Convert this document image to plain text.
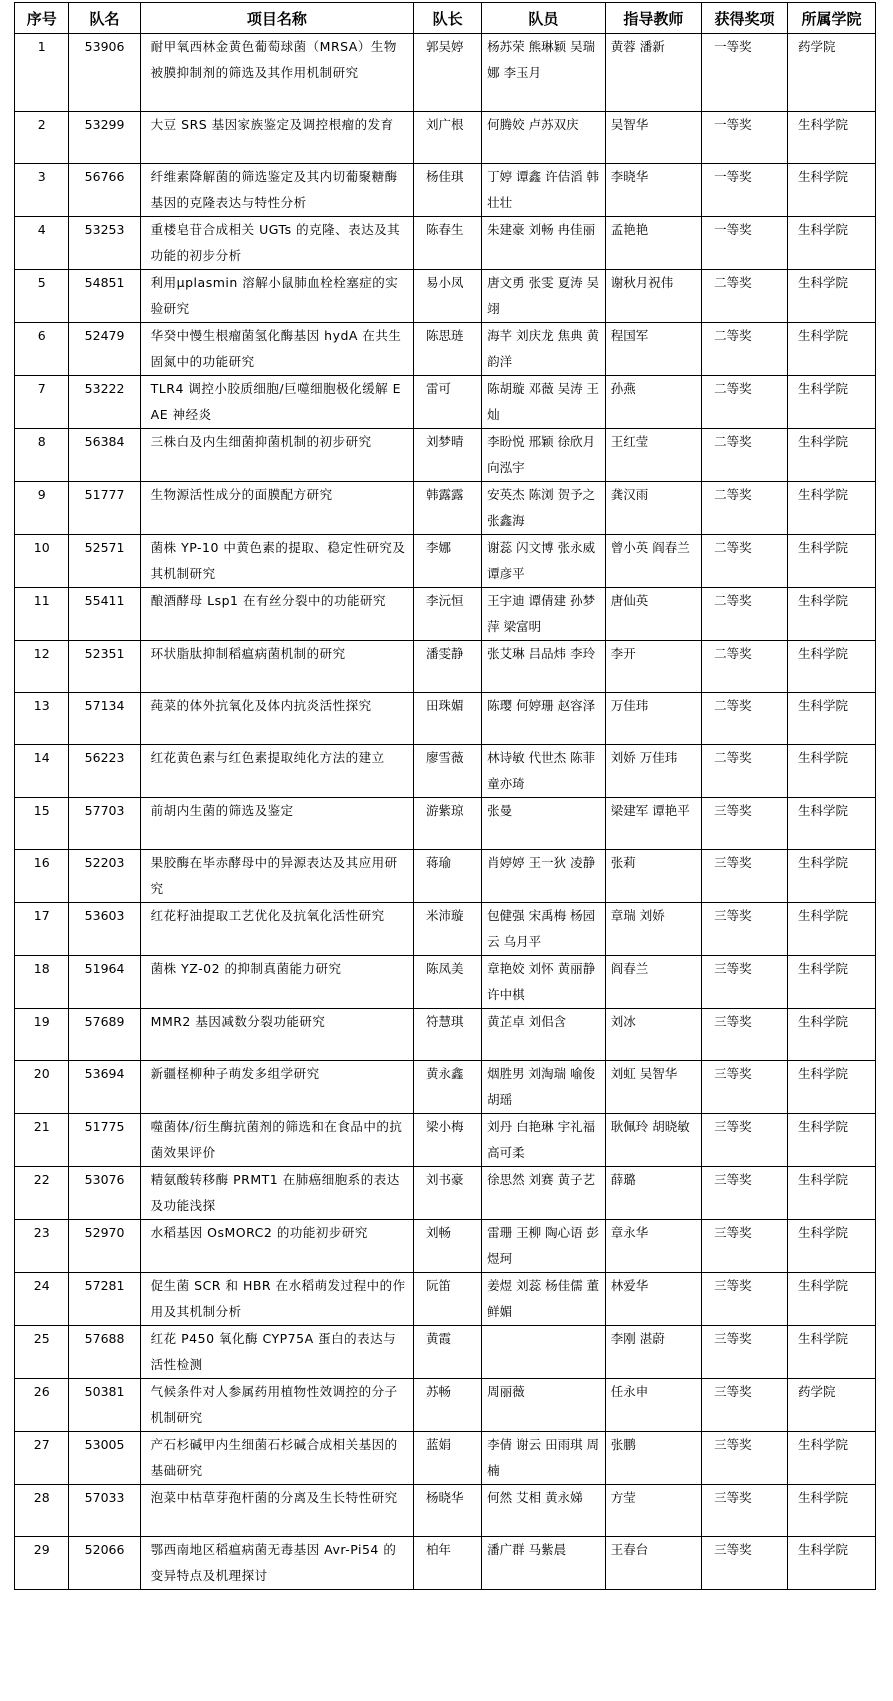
序号	队名	项目名称	队长	队员	指导教师	获得奖项	所属学院
1	53906	耐甲氧西林金黄色葡萄球菌（MRSA）生物被膜抑制剂的筛选及其作用机制研究	郭吴婷	杨苏荣 熊琳颖 吴瑞娜 李玉月	黄蓉 潘新	一等奖	药学院
2	53299	大豆 SRS 基因家族鉴定及调控根瘤的发育	刘广根	何腾姣 卢苏双庆	吴智华	一等奖	生科学院
3	56766	纤维素降解菌的筛选鉴定及其内切葡聚糖酶基因的克隆表达与特性分析	杨佳琪	丁婷 谭鑫 许佶滔 韩壮壮	李晓华	一等奖	生科学院
4	53253	重楼皂苷合成相关 UGTs 的克隆、表达及其功能的初步分析	陈春生	朱建豪 刘畅 冉佳丽	孟艳艳	一等奖	生科学院
5	54851	利用µplasmin 溶解小鼠肺血栓栓塞症的实验研究	易小凤	唐文勇 张雯 夏涛 吴翊	谢秋月祝伟	二等奖	生科学院
6	52479	华癸中慢生根瘤菌氢化酶基因 hydA 在共生固氮中的功能研究	陈思琏	海芊 刘庆龙 焦典 黄韵洋	程国军	二等奖	生科学院
7	53222	TLR4 调控小胶质细胞/巨噬细胞极化缓解 EAE 神经炎	雷可	陈胡璇 邓薇 吴涛 王灿	孙燕	二等奖	生科学院
8	56384	三株白及内生细菌抑菌机制的初步研究	刘梦晴	李盼悦 邢颖 徐欣月 向泓宇	王红莹	二等奖	生科学院
9	51777	生物源活性成分的面膜配方研究	韩露露	安英杰 陈浏 贺予之 张鑫海	龚汉雨	二等奖	生科学院
10	52571	菌株 YP-10 中黄色素的提取、稳定性研究及其机制研究	李娜	谢蕊 闪文博 张永威 谭彦平	曾小英 阎春兰	二等奖	生科学院
11	55411	酿酒酵母 Lsp1 在有丝分裂中的功能研究	李沅恒	王宇迪 谭倩建 孙梦萍 梁富明	唐仙英	二等奖	生科学院
12	52351	环状脂肽抑制稻瘟病菌机制的研究	潘雯静	张艾琳 吕品炜 李玲	李开	二等奖	生科学院
13	57134	莼菜的体外抗氧化及体内抗炎活性探究	田珠媚	陈璎 何婷珊 赵容泽	万佳玮	二等奖	生科学院
14	56223	红花黄色素与红色素提取纯化方法的建立	廖雪薇	林诗敏 代世杰 陈菲 童亦琦	刘娇 万佳玮	二等奖	生科学院
15	57703	前胡内生菌的筛选及鉴定	游紫琼	张曼	梁建军 谭艳平	三等奖	生科学院
16	52203	果胶酶在毕赤酵母中的异源表达及其应用研究	蒋瑜	肖婷婷 王一狄 凌静	张莉	三等奖	生科学院
17	53603	红花籽油提取工艺优化及抗氧化活性研究	米沛璇	包健强 宋禹梅 杨园云 乌月平	章瑞 刘娇	三等奖	生科学院
18	51964	菌株 YZ-02 的抑制真菌能力研究	陈凤美	章艳姣 刘怀 黄丽静 许中棋	阎春兰	三等奖	生科学院
19	57689	MMR2 基因减数分裂功能研究	符慧琪	黄芷卓 刘佀含	刘冰	三等奖	生科学院
20	53694	新疆柽柳种子萌发多组学研究	黄永鑫	烟胜男 刘淘瑞 喻俊 胡瑶	刘虹 吴智华	三等奖	生科学院
21	51775	噬菌体/衍生酶抗菌剂的筛选和在食品中的抗菌效果评价	梁小梅	刘丹 白艳琳 宇礼福 高可柔	耿佩玲 胡晓敏	三等奖	生科学院
22	53076	精氨酸转移酶 PRMT1 在肺癌细胞系的表达及功能浅探	刘书豪	徐思然 刘赛 黄子艺	薛璐	三等奖	生科学院
23	52970	水稻基因 OsMORC2 的功能初步研究	刘畅	雷珊 王柳 陶心语 彭煜珂	章永华	三等奖	生科学院
24	57281	促生菌 SCR 和 HBR 在水稻萌发过程中的作用及其机制分析	阮笛	姜煜 刘蕊 杨佳儒 董鲜媚	林爱华	三等奖	生科学院
25	57688	红花 P450 氧化酶 CYP75A 蛋白的表达与活性检测	黄霞		李刚 湛蔚	三等奖	生科学院
26	50381	气候条件对人参属药用植物性效调控的分子机制研究	苏畅	周丽薇	任永申	三等奖	药学院
27	53005	产石杉碱甲内生细菌石杉碱合成相关基因的基础研究	蓝娟	李倩 谢云 田雨琪 周楠	张鹏	三等奖	生科学院
28	57033	泡菜中枯草芽孢杆菌的分离及生长特性研究	杨晓华	何然 艾相 黄永娣	方莹	三等奖	生科学院
29	52066	鄂西南地区稻瘟病菌无毒基因 Avr-Pi54 的变异特点及机理探讨	柏年	潘广群 马紫晨	王春台	三等奖	生科学院
